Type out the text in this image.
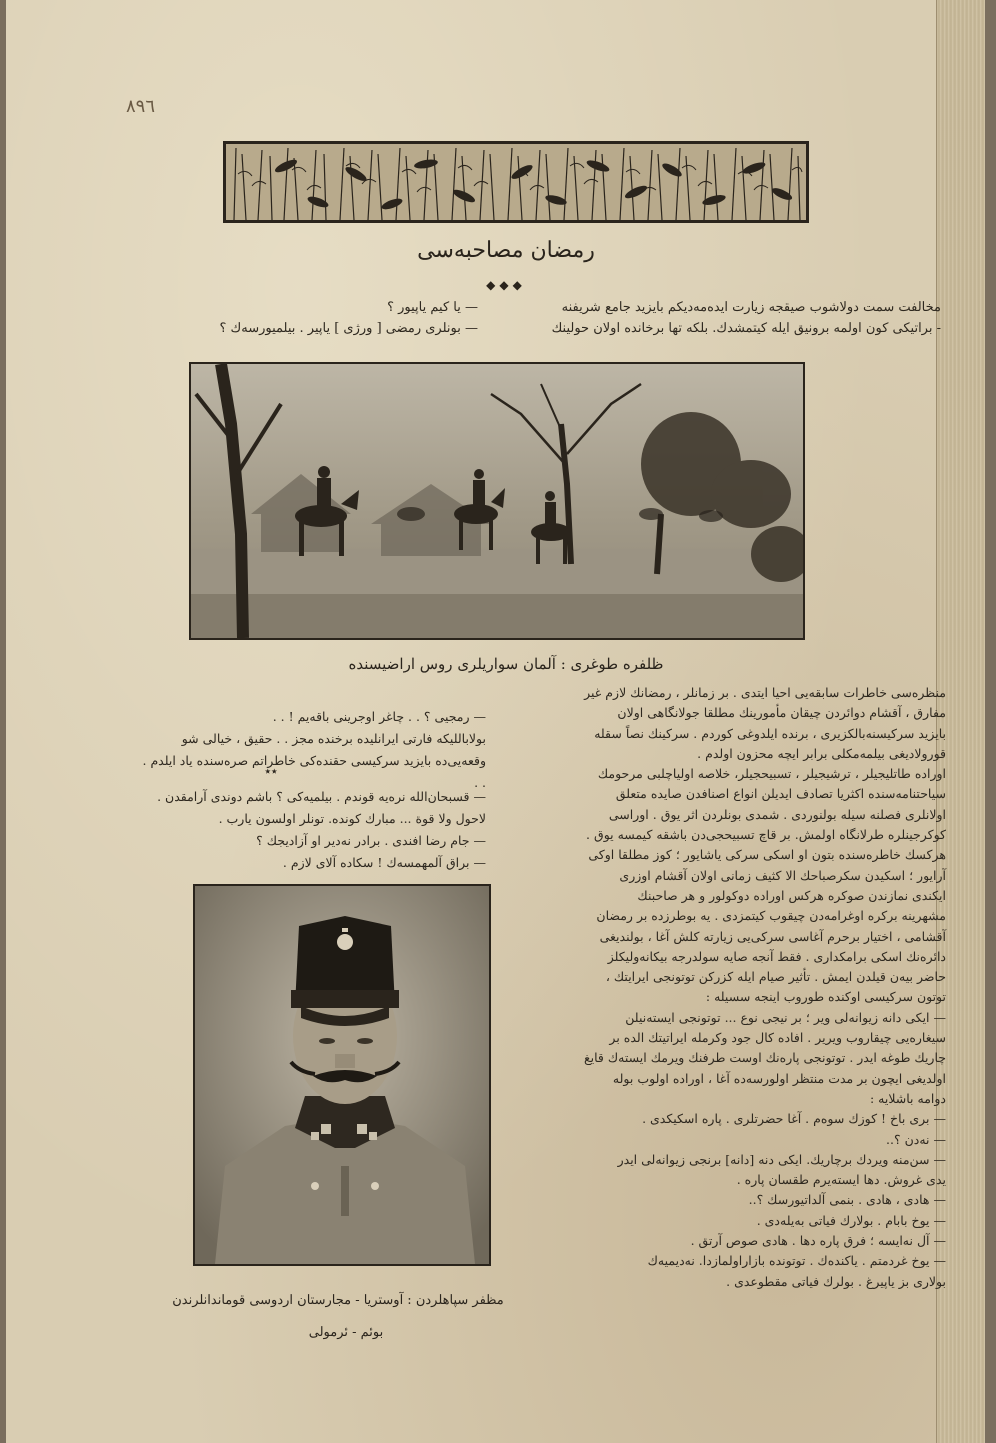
٨٩٦
رمضان مصاحبه‌سی
◆◆◆

مخالفت سمت دولاشوب صیقجه زیارت ایده‌مه‌دیکم بایزید جامع شریفنه

- براتیکی کون اولمه برونیق ایله کیتمشدك. بلکه‌ تها برخانده اولان حولینك

— یا کیم یاپیور ؟

— بونلری رمضی [ ورژی ] یاپیر . بیلمیورسه‌ك ؟

ظلفره طوغری : آلمان سواریلری روس اراضیسنده

منظره‌سی خاطرات سابقه‌یی احیا ایتدی . بر زمانلر ، رمضانك لازم غیر

مفارق ، آقشام دوائردن چیقان مأمورینك مطلقا جولانگاهی اولان

بایزید سرکیسنه‌بالکزیری ، برنده ایلدوغی کوردم . سرکینك نصاً سقله

قورولادیغی بیلمه‌مکلی برابر ایچه محزون اولدم .

اوراده طاتلیجیلر ، ترشیجیلر ، تسبیحجیلر، خلاصه اولیاچلبی مرحومك

سیاحتنامه‌سنده اکثریا تصادف ایدیلن انواع اصنافدن صایده متعلق

اولانلری فصلنه سیله بولنوردی . شمدی بونلردن اثر یوق . اوراسی

کوکرجینلره طرلانگاه اولمش. بر قاچ تسبیحجی‌دن باشقه کیمسه یوق .

هرکسك خاطره‌سنده بتون او اسکی سرکی یاشایور ؛ کوز مطلقا اوکی

آرایور ؛ اسکیدن سکرصباحك الا کثیف زمانی اولان آقشام اوزری

ایکندی نمازندن صوکره هرکس اوراده دوکولور و هر صاحبنك

مشهرینه برکره اوغرامه‌دن چیقوب کیتمزدی . یه بوطرزده بر رمضان

آقشامی ، اختیار برحرم آغاسی سرکی‌یی زیارته کلش آغا ، بولندیغی

دائره‌نك اسکی برامکداری . فقط آنجه صایه سولدرجه بیکانه‌ولیکلز

حاضر بیه‌ن قیلدن ایمش . تأثیر صیام ایله کزرکن توتونجی ایرایتك ،

توتون سرکیسی اوکنده طوروب اینجه سسیله :

— ایکی دانه زیوانه‌لی ویر ؛ بر نیجی نوع ... توتونجی ایسته‌نیلن

سیغاره‌یی چیقاروب ویریر . افاده کال جود وکرمله ایراتیتك الده بر

چاریك طوغه ایدر . توتونجی پاره‌نك اوست طرفنك ویرمك ایسته‌ك قایغ

اولدیغی ایچون بر مدت منتظر اولورسه‌ده آغا ، اوراده اولوب بوله

دوامه باشلایه :

— بری باخ ! کوزك سوه‌م . آغا حضرتلری . پاره اسکیکدی .

— نه‌دن ؟..

— سن‌منه ویردك برچاریك. ایکی دنه [دانه] برنجی زیوانه‌لی ایدر

یدی غروش. دها ایسته‌یرم طقسان پاره .

— هادی ، هادی . بنمی آلداتیورسك ؟..

— یوخ بابام . بولارك فیاتی به‌یله‌دی .

— آل نه‌ایسه ؛ فرق پاره دها . هادی صوص آرتق .

— یوخ غردمتم . یاکنده‌ك . توتونده بازاراولمازدا. نه‌دیمیه‌ك

بولاری بز یاپیرغ . بولرك فیاتی مقطوعدی .

— رمجیی ؟ . . چاغر اوجرینی باقه‌یم ! . .

بولاباللیکه فارتی ایرانلیده برخنده مجز . . حقیق ، خیالی شو

وقعه‌یی‌ده بایزید سرکیسی حقنده‌کی خاطراتم صره‌سنده یاد ایلدم . . .

٭٭

— قسبحان‌الله نره‌یه قوندم . بیلمیه‌کی ؟ باشم دوندی آرامقدن .

لاحول ولا قوة ... مبارك کونده. تونلر اولسون یارب .

— جام رضا افندی . برادر نه‌دیر او آزادیجك ؟

— براق آلمهمسه‌ك ! سکاده آلای لازم .

مظفر سپاهلردن : آوستریا - مجارستان اردوسی قوماندانلرندن
بوئم - ئرمولی
